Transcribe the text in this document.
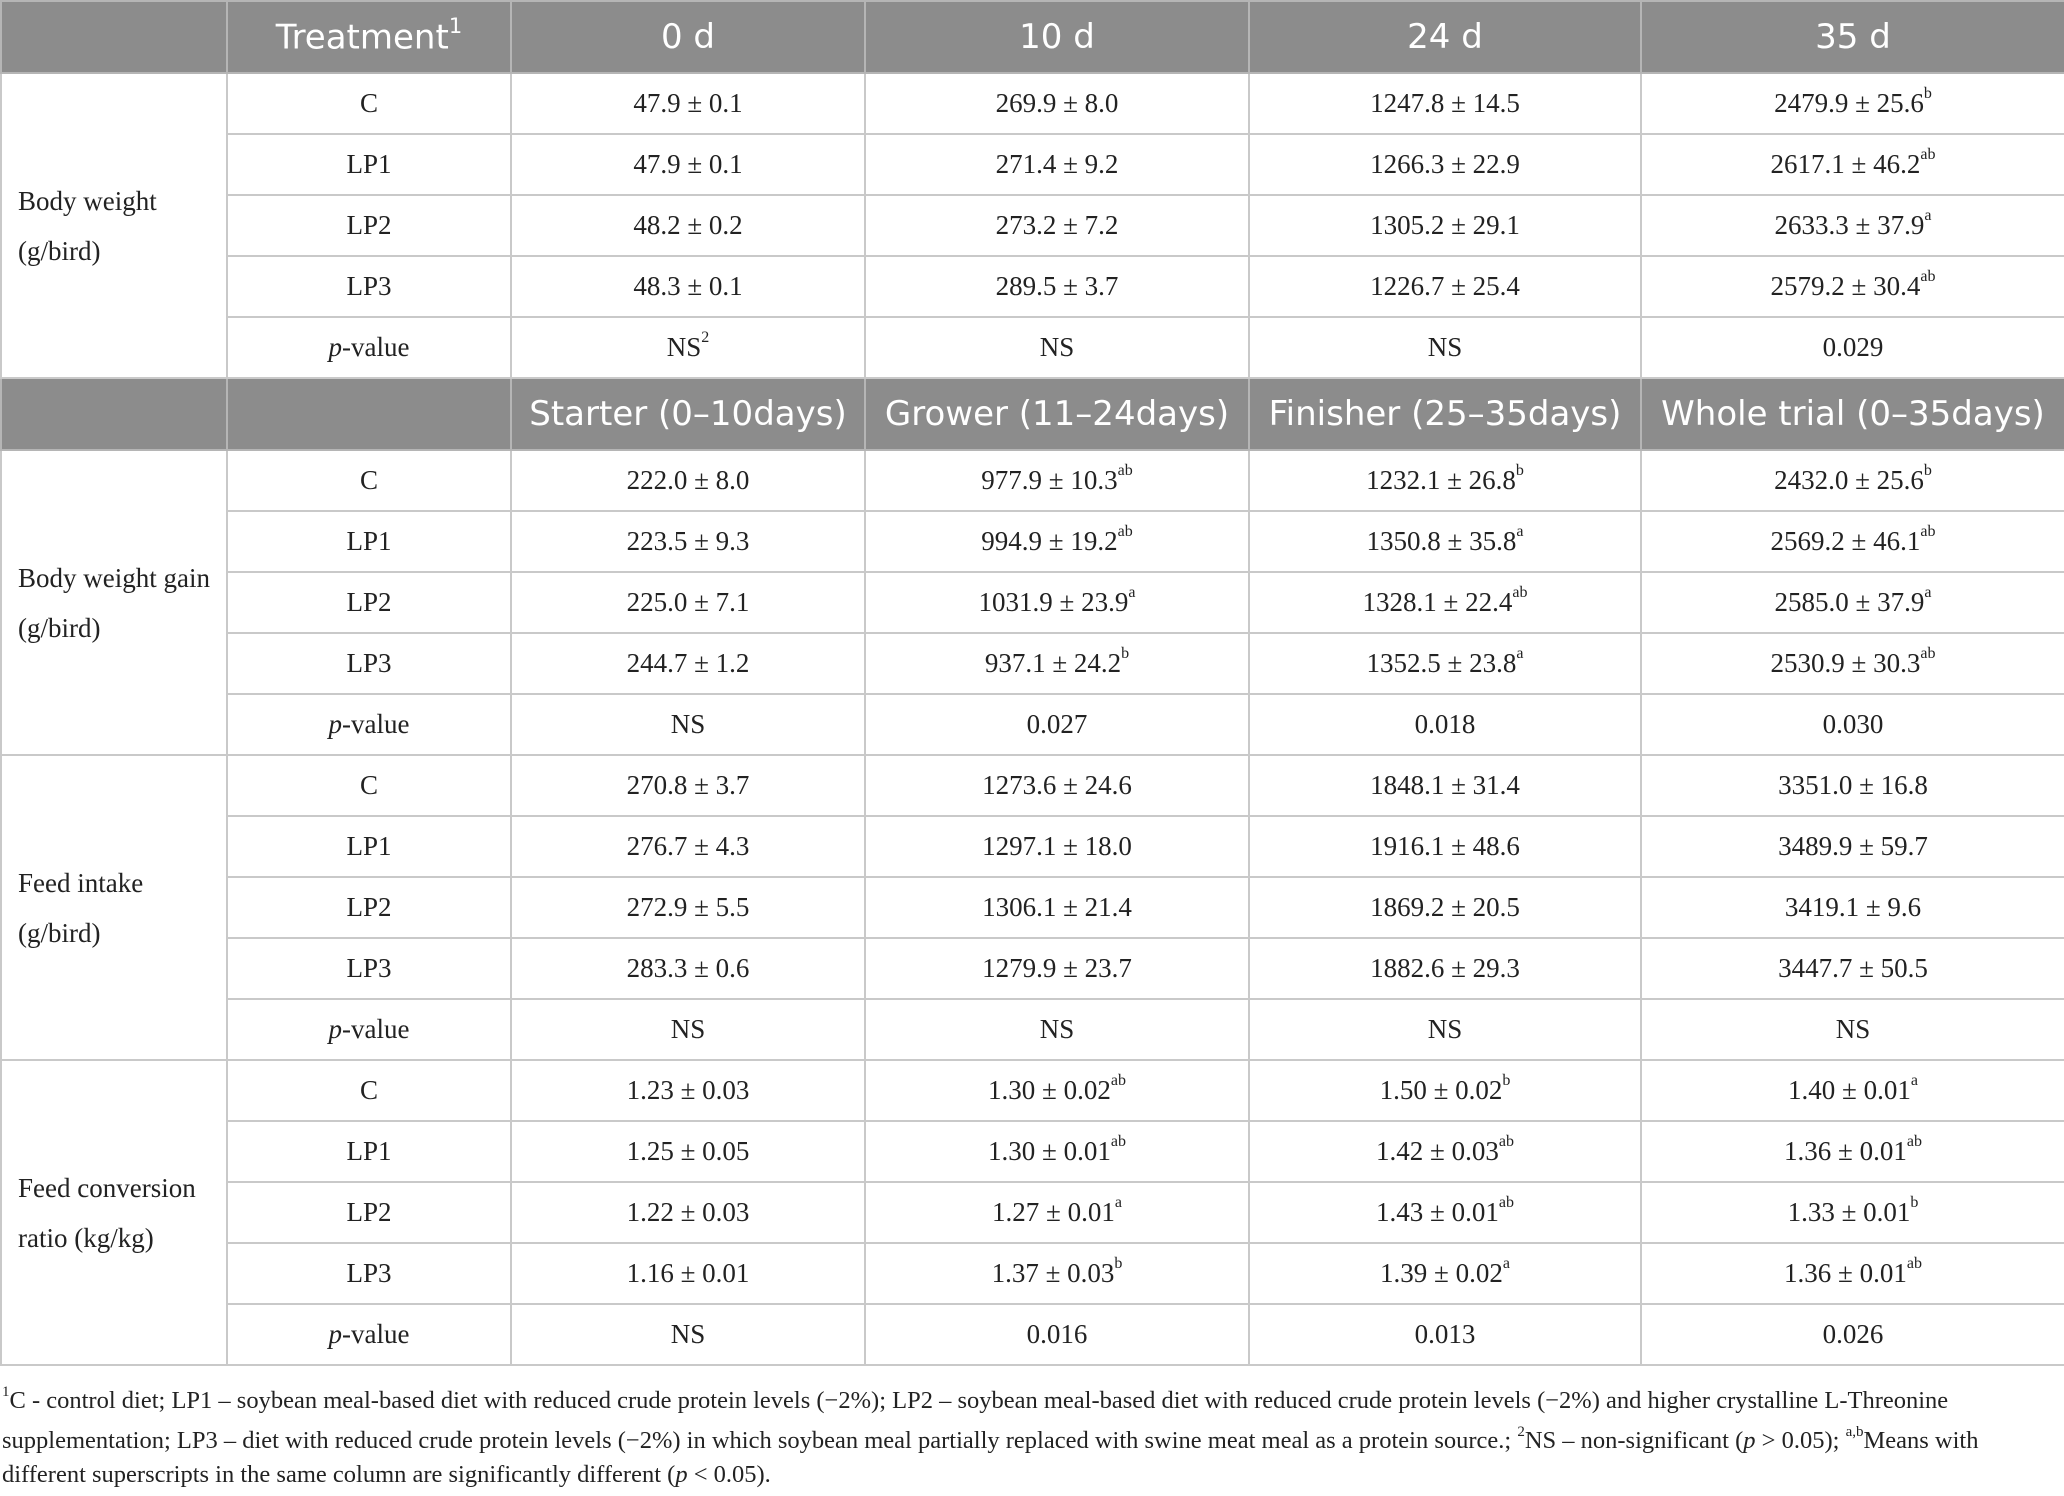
	Treatment$^1$	0 d	10 d	24 d	35 d
Body weight (g/bird)	C	47.9 ± 0.1	269.9 ± 8.0	1247.8 ± 14.5	2479.9 ± 25.6$^b$
	LP1	47.9 ± 0.1	271.4 ± 9.2	1266.3 ± 22.9	2617.1 ± 46.2$^{ab}$
	LP2	48.2 ± 0.2	273.2 ± 7.2	1305.2 ± 29.1	2633.3 ± 37.9$^a$
	LP3	48.3 ± 0.1	289.5 ± 3.7	1226.7 ± 25.4	2579.2 ± 30.4$^{ab}$
	p-value	$NS^2$	NS	NS	0.029
		Starter (0–10days)	Grower (11–24days)	Finisher (25–35days)	Whole trial (0–35days)
Body weight gain (g/bird)	C	222.0 ± 8.0	977.9 ± 10.3$^{ab}$	1232.1 ± 26.8$^b$	2432.0 ± 25.6$^b$
	LP1	223.5 ± 9.3	994.9 ± 19.2$^{ab}$	1350.8 ± 35.8$^a$	2569.2 ± 46.1$^{ab}$
	LP2	225.0 ± 7.1	1031.9 ± 23.9$^a$	1328.1 ± 22.4$^{ab}$	2585.0 ± 37.9$^a$
	LP3	244.7 ± 1.2	937.1 ± 24.2$^b$	1352.5 ± 23.8$^a$	2530.9 ± 30.3$^{ab}$
	p-value	NS	0.027	0.018	0.030
Feed intake (g/bird)	C	270.8 ± 3.7	1273.6 ± 24.6	1848.1 ± 31.4	3351.0 ± 16.8
	LP1	276.7 ± 4.3	1297.1 ± 18.0	1916.1 ± 48.6	3489.9 ± 59.7
	LP2	272.9 ± 5.5	1306.1 ± 21.4	1869.2 ± 20.5	3419.1 ± 9.6
	LP3	283.3 ± 0.6	1279.9 ± 23.7	1882.6 ± 29.3	3447.7 ± 50.5
	p-value	NS	NS	NS	NS
Feed conversion ratio (kg/kg)	C	1.23 ± 0.03	1.30 ± 0.02$^{ab}$	1.50 ± 0.02$^b$	1.40 ± 0.01$^a$
	LP1	1.25 ± 0.05	1.30 ± 0.01$^{ab}$	1.42 ± 0.03$^{ab}$	1.36 ± 0.01$^{ab}$
	LP2	1.22 ± 0.03	1.27 ± 0.01$^a$	1.43 ± 0.01$^{ab}$	1.33 ± 0.01$^b$
	LP3	1.16 ± 0.01	1.37 ± 0.03$^b$	1.39 ± 0.02$^a$	1.36 ± 0.01$^{ab}$
	p-value	NS	0.016	0.013	0.026
$^1$C - control diet; LP1 – soybean meal-based diet with reduced crude protein levels (−2%); LP2 – soybean meal-based diet with reduced crude protein levels (−2%) and higher crystalline L-Threonine supplementation; LP3 – diet with reduced crude protein levels (−2%) in which soybean meal partially replaced with swine meat meal as a protein source.; $^2$NS – non-significant (p > 0.05); $^{a,b}$Means with different superscripts in the same column are significantly different (p < 0.05).
